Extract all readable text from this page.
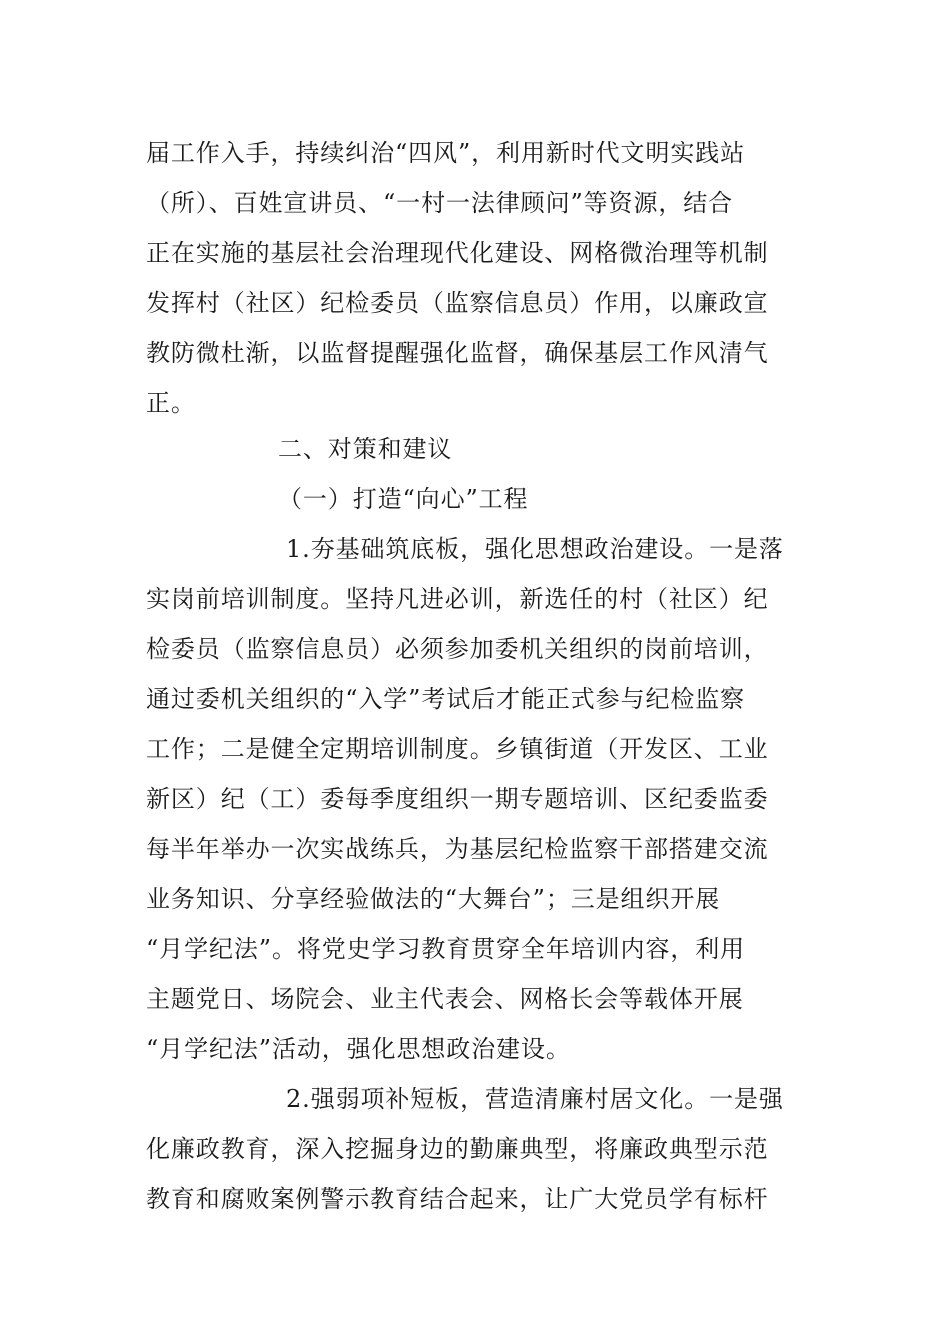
届工作入手，持续纠治“四风”，利用新时代文明实践站
（所）、百姓宣讲员、“一村一法律顾问”等资源，结合
正在实施的基层社会治理现代化建设、网格微治理等机制
发挥村（社区）纪检委员（监察信息员）作用，以廉政宣
教防微杜渐，以监督提醒强化监督，确保基层工作风清气
正。
二、对策和建议
（一）打造“向心”工程
1.夯基础筑底板，强化思想政治建设。一是落
实岗前培训制度。坚持凡进必训，新选任的村（社区）纪
检委员（监察信息员）必须参加委机关组织的岗前培训，
通过委机关组织的“入学”考试后才能正式参与纪检监察
工作；二是健全定期培训制度。乡镇街道（开发区、工业
新区）纪（工）委每季度组织一期专题培训、区纪委监委
每半年举办一次实战练兵，为基层纪检监察干部搭建交流
业务知识、分享经验做法的“大舞台”；三是组织开展
“月学纪法”。将党史学习教育贯穿全年培训内容，利用
主题党日、场院会、业主代表会、网格长会等载体开展
“月学纪法”活动，强化思想政治建设。
2.强弱项补短板，营造清廉村居文化。一是强
化廉政教育，深入挖掘身边的勤廉典型，将廉政典型示范
教育和腐败案例警示教育结合起来，让广大党员学有标杆
